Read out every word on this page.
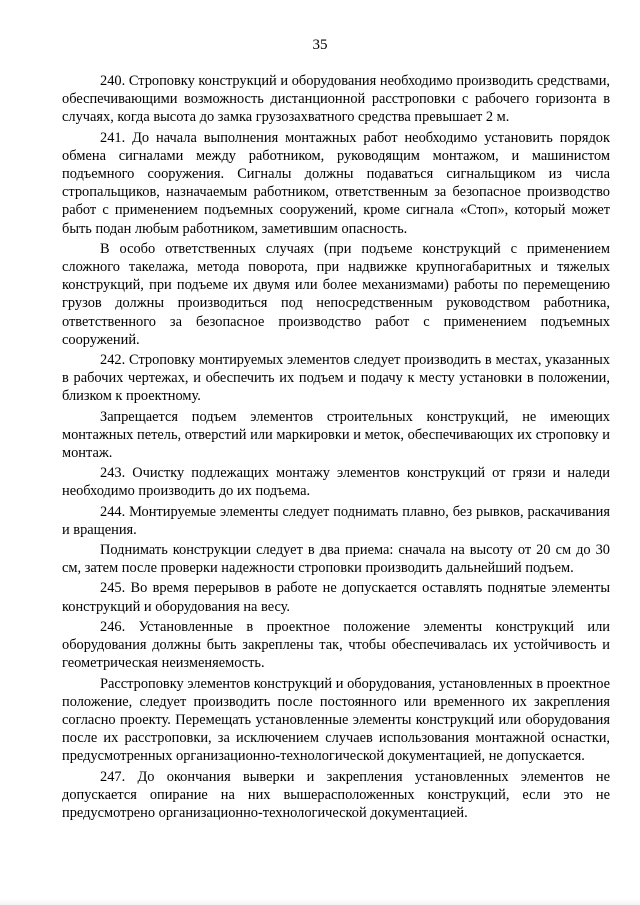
35

240. Строповку конструкций и оборудования необходимо производить средствами, обеспечивающими возможность дистанционной расстроповки с рабочего горизонта в случаях, когда высота до замка грузозахватного средства превышает 2 м.

241. До начала выполнения монтажных работ необходимо установить порядок обмена сигналами между работником, руководящим монтажом, и машинистом подъемного сооружения. Сигналы должны подаваться сигнальщиком из числа стропальщиков, назначаемым работником, ответственным за безопасное производство работ с применением подъемных сооружений, кроме сигнала «Стоп», который может быть подан любым работником, заметившим опасность.

В особо ответственных случаях (при подъеме конструкций с применением сложного такелажа, метода поворота, при надвижке крупногабаритных и тяжелых конструкций, при подъеме их двумя или более механизмами) работы по перемещению грузов должны производиться под непосредственным руководством работника, ответственного за безопасное производство работ с применением подъемных сооружений.

242. Строповку монтируемых элементов следует производить в местах, указанных в рабочих чертежах, и обеспечить их подъем и подачу к месту установки в положении, близком к проектному.

Запрещается подъем элементов строительных конструкций, не имеющих монтажных петель, отверстий или маркировки и меток, обеспечивающих их строповку и монтаж.

243. Очистку подлежащих монтажу элементов конструкций от грязи и наледи необходимо производить до их подъема.

244. Монтируемые элементы следует поднимать плавно, без рывков, раскачивания и вращения.

Поднимать конструкции следует в два приема: сначала на высоту от 20 см до 30 см, затем после проверки надежности строповки производить дальнейший подъем.

245. Во время перерывов в работе не допускается оставлять поднятые элементы конструкций и оборудования на весу.

246. Установленные в проектное положение элементы конструкций или оборудования должны быть закреплены так, чтобы обеспечивалась их устойчивость и геометрическая неизменяемость.

Расстроповку элементов конструкций и оборудования, установленных в проектное положение, следует производить после постоянного или временного их закрепления согласно проекту. Перемещать установленные элементы конструкций или оборудования после их расстроповки, за исключением случаев использования монтажной оснастки, предусмотренных организационно-технологической документацией, не допускается.

247. До окончания выверки и закрепления установленных элементов не допускается опирание на них вышерасположенных конструкций, если это не предусмотрено организационно-технологической документацией.
